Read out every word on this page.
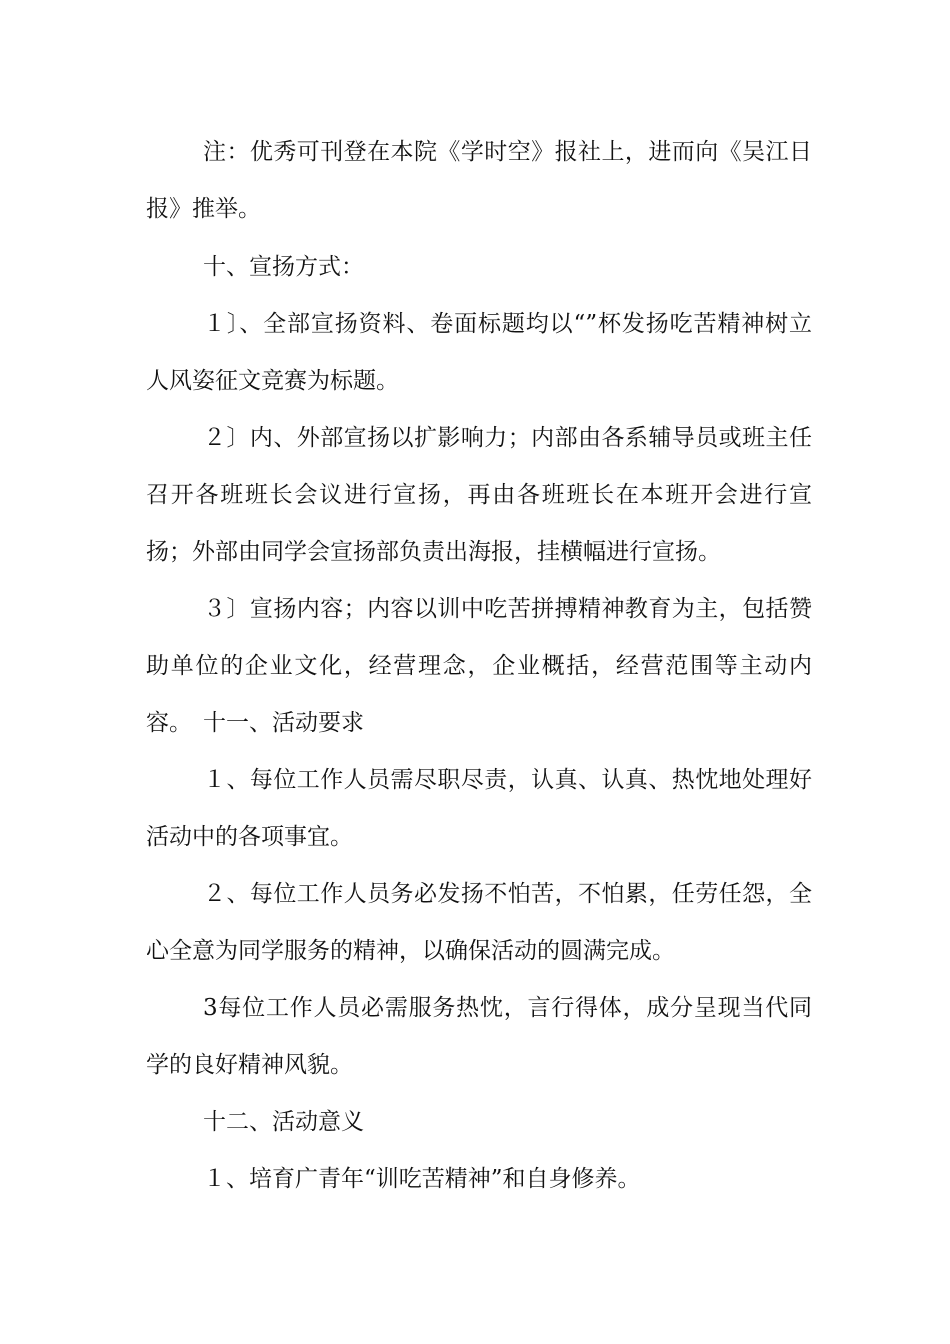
注：优秀可刊登在本院《学时空》报社上，进而向《吴江日报》推举。

十、宣扬方式：

１〕、全部宣扬资料、卷面标题均以“”杯发扬吃苦精神树立人风姿征文竞赛为标题。

２〕内、外部宣扬以扩影响力；内部由各系辅导员或班主任召开各班班长会议进行宣扬，再由各班班长在本班开会进行宣扬；外部由同学会宣扬部负责出海报，挂横幅进行宣扬。

３〕宣扬内容；内容以训中吃苦拼搏精神教育为主，包括赞助单位的企业文化，经营理念，企业概括，经营范围等主动内容。 十一、活动要求

１、每位工作人员需尽职尽责，认真、认真、热忱地处理好活动中的各项事宜。

２、每位工作人员务必发扬不怕苦，不怕累，任劳任怨，全心全意为同学服务的精神，以确保活动的圆满完成。

3每位工作人员必需服务热忱，言行得体，成分呈现当代同学的良好精神风貌。

十二、活动意义

１、培育广青年“训吃苦精神”和自身修养。
